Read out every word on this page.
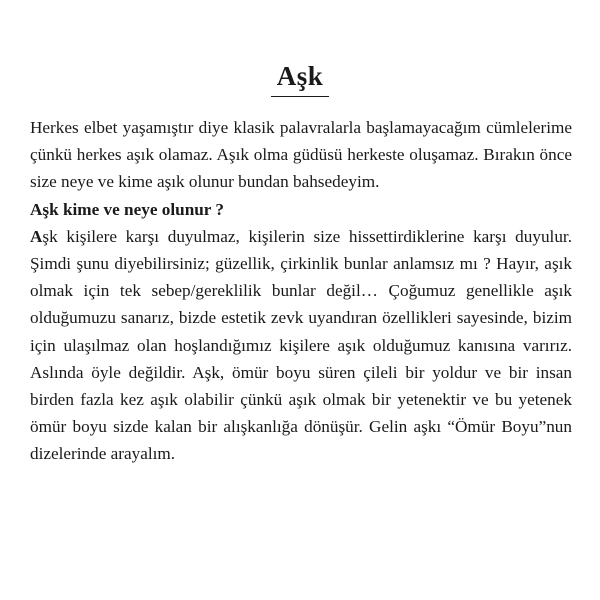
Aşk

Herkes elbet yaşamıştır diye klasik palavralarla başlamayacağım cümlelerime çünkü herkes aşık olamaz. Aşık olma güdüsü herkeste oluşamaz. Bırakın önce size neye ve kime aşık olunur bundan bahsedeyim.

Aşk kime ve neye olunur ?

Aşk kişilere karşı duyulmaz, kişilerin size hissettirdiklerine karşı duyulur. Şimdi şunu diyebilirsiniz; güzellik, çirkinlik bunlar anlamsız mı ? Hayır, aşık olmak için tek sebep/gereklilik bunlar değil… Çoğumuz genellikle aşık olduğumuzu sanarız, bizde estetik zevk uyandıran özellikleri sayesinde, bizim için ulaşılmaz olan hoşlandığımız kişilere aşık olduğumuz kanısına varırız. Aslında öyle değildir. Aşk, ömür boyu süren çileli bir yoldur ve bir insan birden fazla kez aşık olabilir çünkü aşık olmak bir yetenektir ve bu yetenek ömür boyu sizde kalan bir alışkanlığa dönüşür. Gelin aşkı “Ömür Boyu”nun dizelerinde arayalım.
